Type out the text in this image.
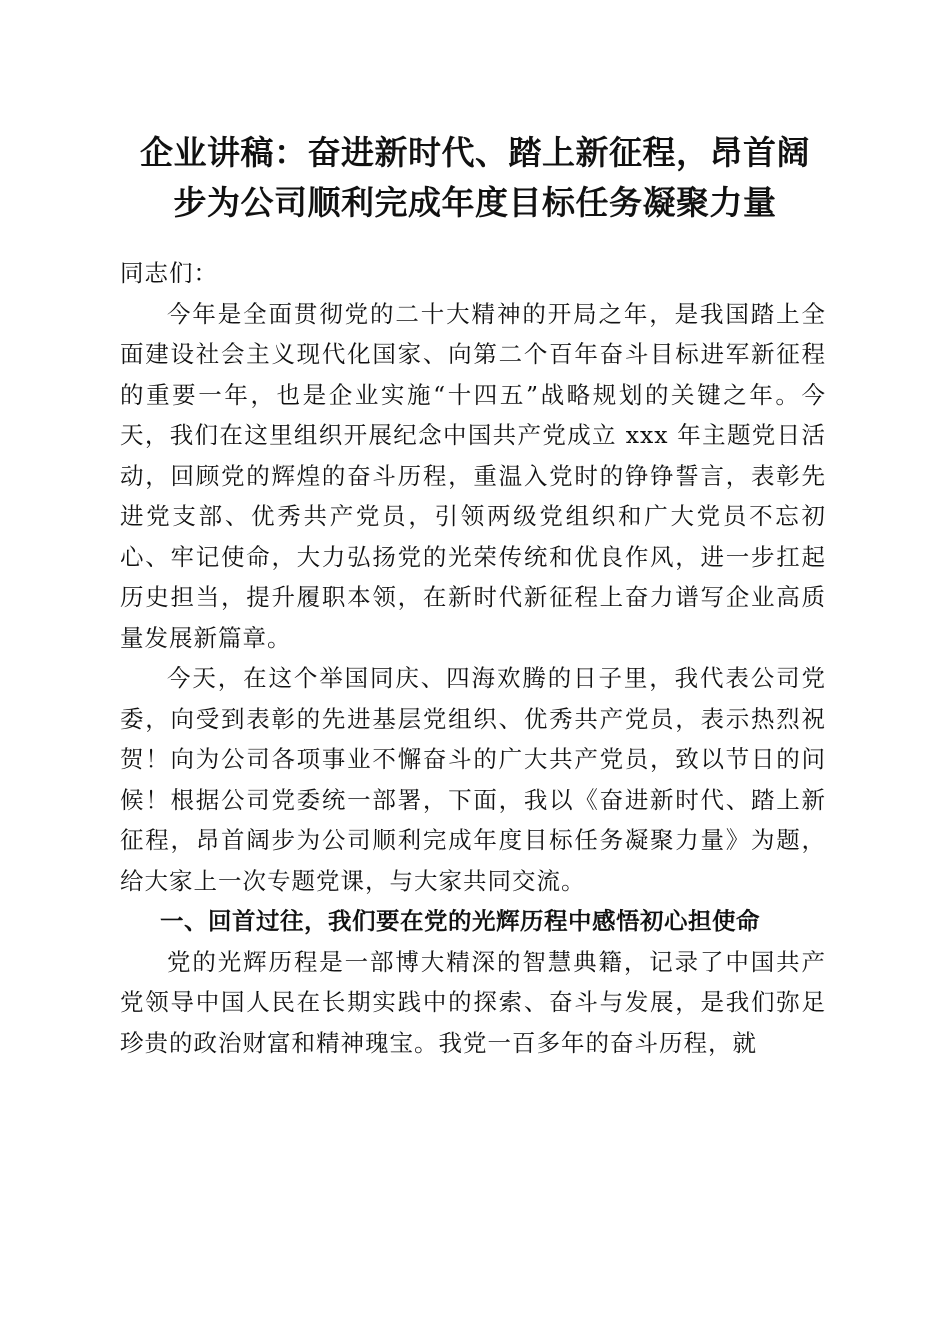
企业讲稿：奋进新时代、踏上新征程，昂首阔
步为公司顺利完成年度目标任务凝聚力量

同志们：

今年是全面贯彻党的二十大精神的开局之年，是我国踏上全面建设社会主义现代化国家、向第二个百年奋斗目标进军新征程的重要一年，也是企业实施“十四五”战略规划的关键之年。今天，我们在这里组织开展纪念中国共产党成立 xxx 年主题党日活动，回顾党的辉煌的奋斗历程，重温入党时的铮铮誓言，表彰先进党支部、优秀共产党员，引领两级党组织和广大党员不忘初心、牢记使命，大力弘扬党的光荣传统和优良作风，进一步扛起历史担当，提升履职本领，在新时代新征程上奋力谱写企业高质量发展新篇章。

今天，在这个举国同庆、四海欢腾的日子里，我代表公司党委，向受到表彰的先进基层党组织、优秀共产党员，表示热烈祝贺！向为公司各项事业不懈奋斗的广大共产党员，致以节日的问候！根据公司党委统一部署，下面，我以《奋进新时代、踏上新征程，昂首阔步为公司顺利完成年度目标任务凝聚力量》为题，给大家上一次专题党课，与大家共同交流。

一、回首过往，我们要在党的光辉历程中感悟初心担使命

党的光辉历程是一部博大精深的智慧典籍，记录了中国共产党领导中国人民在长期实践中的探索、奋斗与发展，是我们弥足珍贵的政治财富和精神瑰宝。我党一百多年的奋斗历程，就
